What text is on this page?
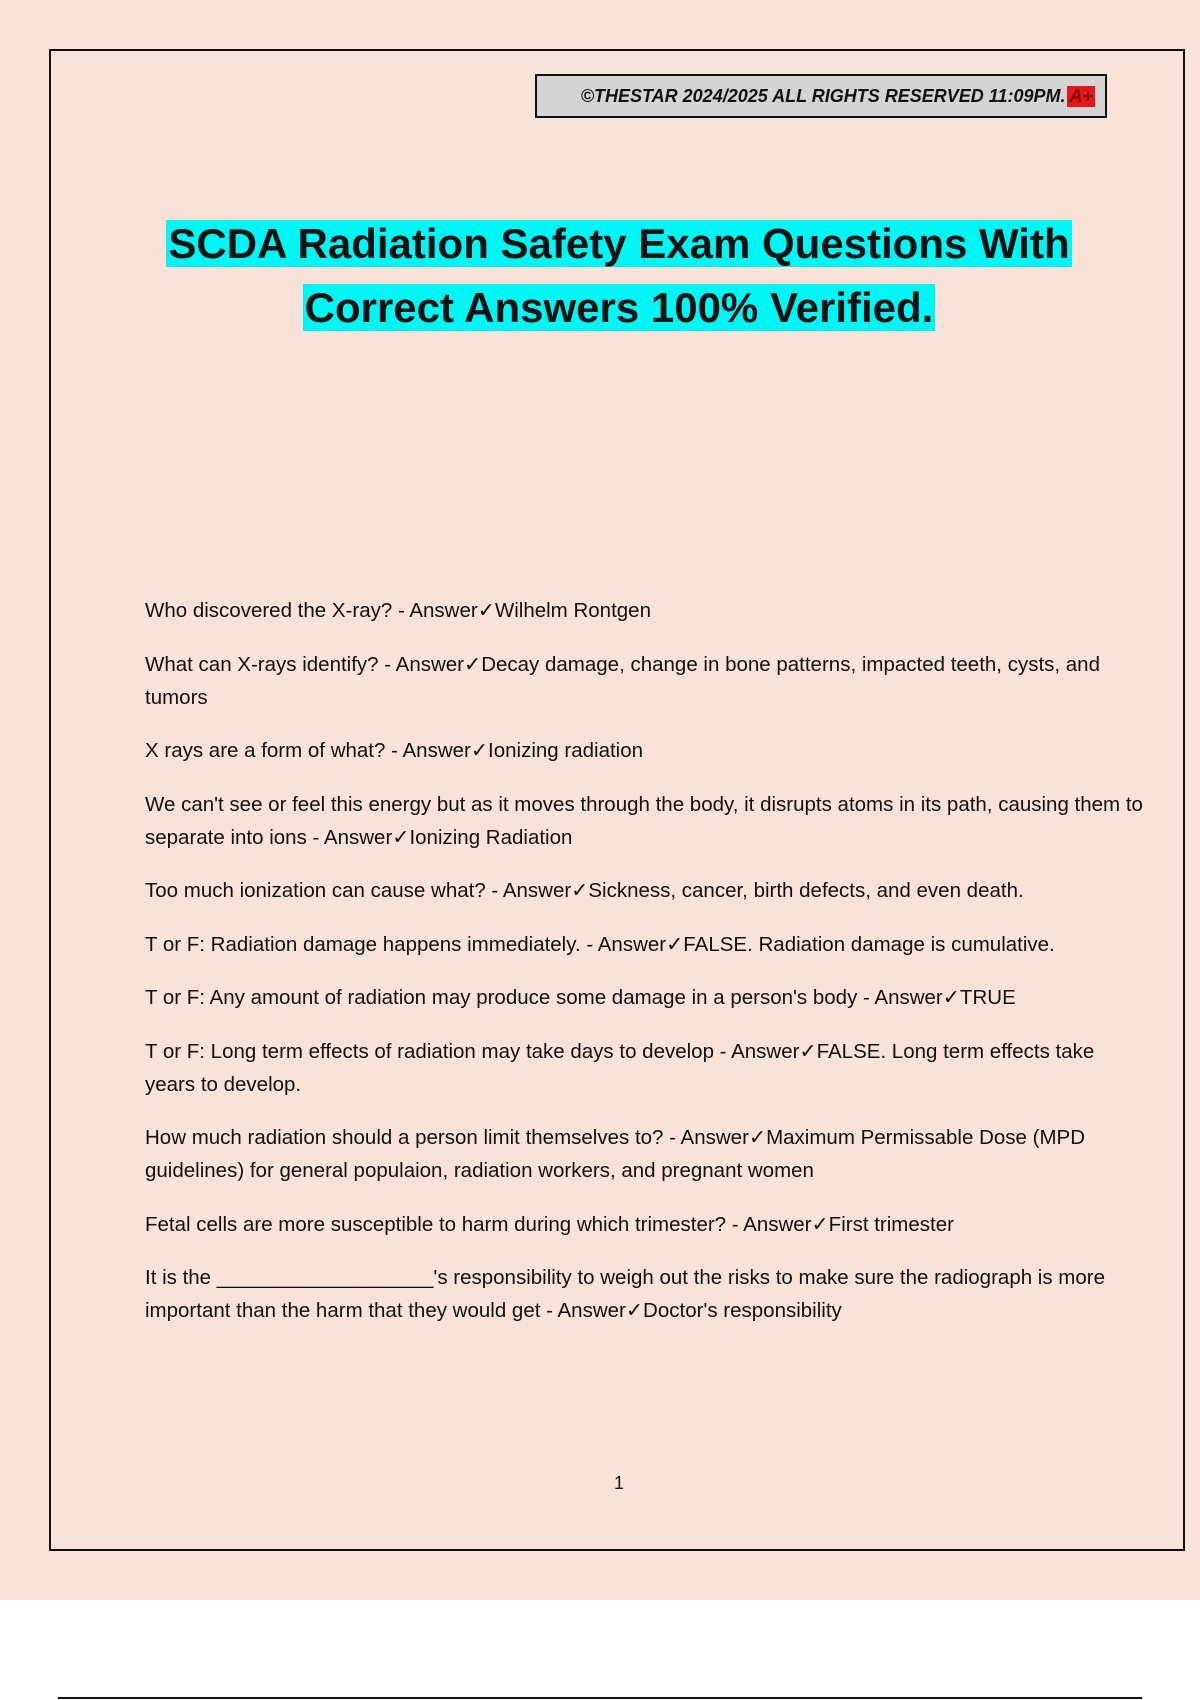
©THESTAR 2024/2025 ALL RIGHTS RESERVED 11:09PM. A+
SCDA Radiation Safety Exam Questions With
Correct Answers 100% Verified.

Who discovered the X-ray? - Answer✓Wilhelm Rontgen

What can X-rays identify? - Answer✓Decay damage, change in bone patterns, impacted teeth, cysts, and tumors

X rays are a form of what? - Answer✓Ionizing radiation

We can't see or feel this energy but as it moves through the body, it disrupts atoms in its path, causing them to separate into ions - Answer✓Ionizing Radiation

Too much ionization can cause what? - Answer✓Sickness, cancer, birth defects, and even death.

T or F: Radiation damage happens immediately. - Answer✓FALSE. Radiation damage is cumulative.

T or F: Any amount of radiation may produce some damage in a person's body - Answer✓TRUE

T or F: Long term effects of radiation may take days to develop - Answer✓FALSE. Long term effects take years to develop.

How much radiation should a person limit themselves to? - Answer✓Maximum Permissable Dose (MPD guidelines) for general populaion, radiation workers, and pregnant women

Fetal cells are more susceptible to harm during which trimester? - Answer✓First trimester

It is the ___________________'s responsibility to weigh out the risks to make sure the radiograph is more important than the harm that they would get - Answer✓Doctor's responsibility

1
